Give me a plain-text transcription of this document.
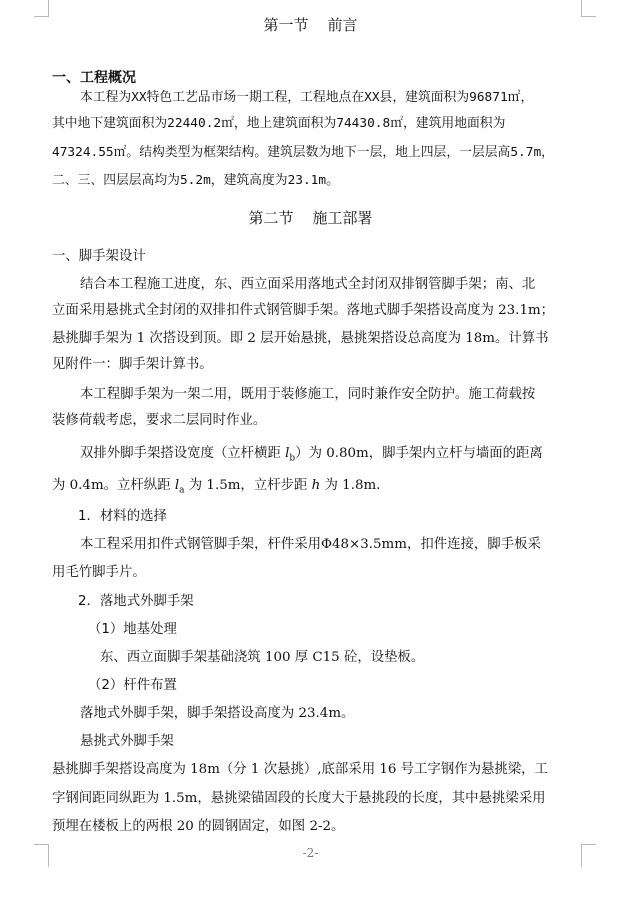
第一节    前言
一、工程概况
本工程为XX特色工艺品市场一期工程，工程地点在XX县，建筑面积为96871㎡，
其中地下建筑面积为22440.2㎡，地上建筑面积为74430.8㎡，建筑用地面积为
47324.55㎡。结构类型为框架结构。建筑层数为地下一层，地上四层，一层层高5.7m，
二、三、四层层高均为5.2m，建筑高度为23.1m。
第二节    施工部署
一、脚手架设计
结合本工程施工进度，东、西立面采用落地式全封闭双排钢管脚手架；南、北
立面采用悬挑式全封闭的双排扣件式钢管脚手架。落地式脚手架搭设高度为 23.1m；
悬挑脚手架为 1 次搭设到顶。即 2 层开始悬挑，悬挑架搭设总高度为 18m。计算书
见附件一：脚手架计算书。
本工程脚手架为一架二用，既用于装修施工，同时兼作安全防护。施工荷载按
装修荷载考虑，要求二层同时作业。
双排外脚手架搭设宽度（立杆横距 $l_b$）为 0.80m，脚手架内立杆与墙面的距离
为 0.4m。立杆纵距 $l_a$ 为 1.5m，立杆步距 h 为 1.8m.
1．材料的选择
本工程采用扣件式钢管脚手架，杆件采用Φ48×3.5mm，扣件连接，脚手板采
用毛竹脚手片。
2．落地式外脚手架
（1）地基处理
东、西立面脚手架基础浇筑 100 厚 C15 砼，设垫板。
（2）杆件布置
落地式外脚手架，脚手架搭设高度为 23.4m。
悬挑式外脚手架
悬挑脚手架搭设高度为 18m（分 1 次悬挑）,底部采用 16 号工字钢作为悬挑梁，工
字钢间距同纵距为 1.5m，悬挑梁锚固段的长度大于悬挑段的长度，其中悬挑梁采用
预埋在楼板上的两根 20 的圆钢固定，如图 2-2。
-2-
